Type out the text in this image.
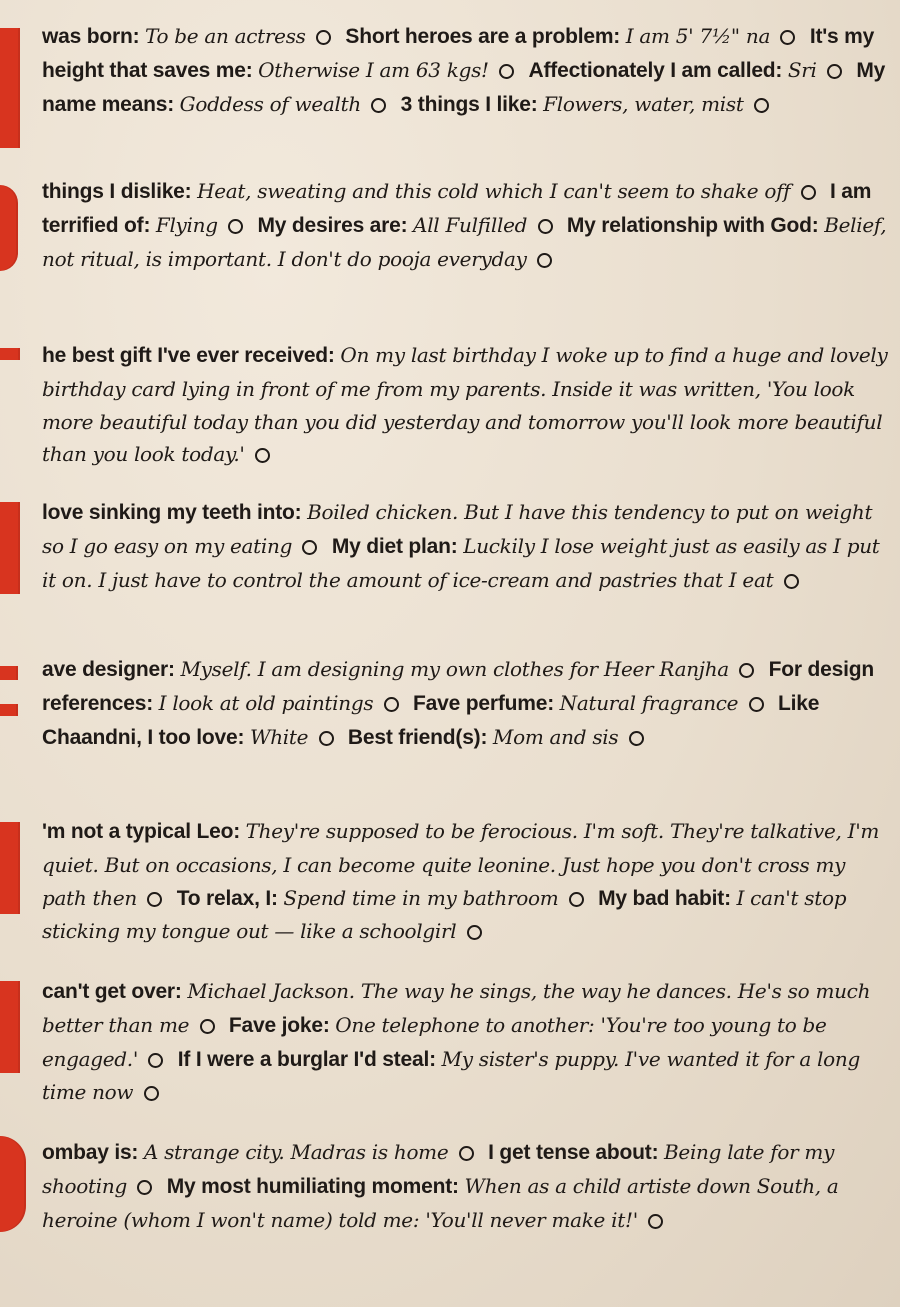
was born: To be an actress Short heroes are a problem: I am 5' 7½" na It's my height that saves me: Otherwise I am 63 kgs! Affectionately I am called: Sri My name means: Goddess of wealth 3 things I like: Flowers, water, mist
things I dislike: Heat, sweating and this cold which I can't seem to shake off I am terrified of: Flying My desires are: All Fulfilled My relationship with God: Belief, not ritual, is important. I don't do pooja everyday
he best gift I've ever received: On my last birthday I woke up to find a huge and lovely birthday card lying in front of me from my parents. Inside it was written, 'You look more beautiful today than you did yesterday and tomorrow you'll look more beautiful than you look today.'
love sinking my teeth into: Boiled chicken. But I have this tendency to put on weight so I go easy on my eating My diet plan: Luckily I lose weight just as easily as I put it on. I just have to control the amount of ice-cream and pastries that I eat
ave designer: Myself. I am designing my own clothes for Heer Ranjha For design references: I look at old paintings Fave perfume: Natural fragrance Like Chaandni, I too love: White Best friend(s): Mom and sis
'm not a typical Leo: They're supposed to be ferocious. I'm soft. They're talkative, I'm quiet. But on occasions, I can become quite leonine. Just hope you don't cross my path then To relax, I: Spend time in my bathroom My bad habit: I can't stop sticking my tongue out — like a schoolgirl
can't get over: Michael Jackson. The way he sings, the way he dances. He's so much better than me Fave joke: One telephone to another: 'You're too young to be engaged.' If I were a burglar I'd steal: My sister's puppy. I've wanted it for a long time now
ombay is: A strange city. Madras is home I get tense about: Being late for my shooting My most humiliating moment: When as a child artiste down South, a heroine (whom I won't name) told me: 'You'll never make it!'
